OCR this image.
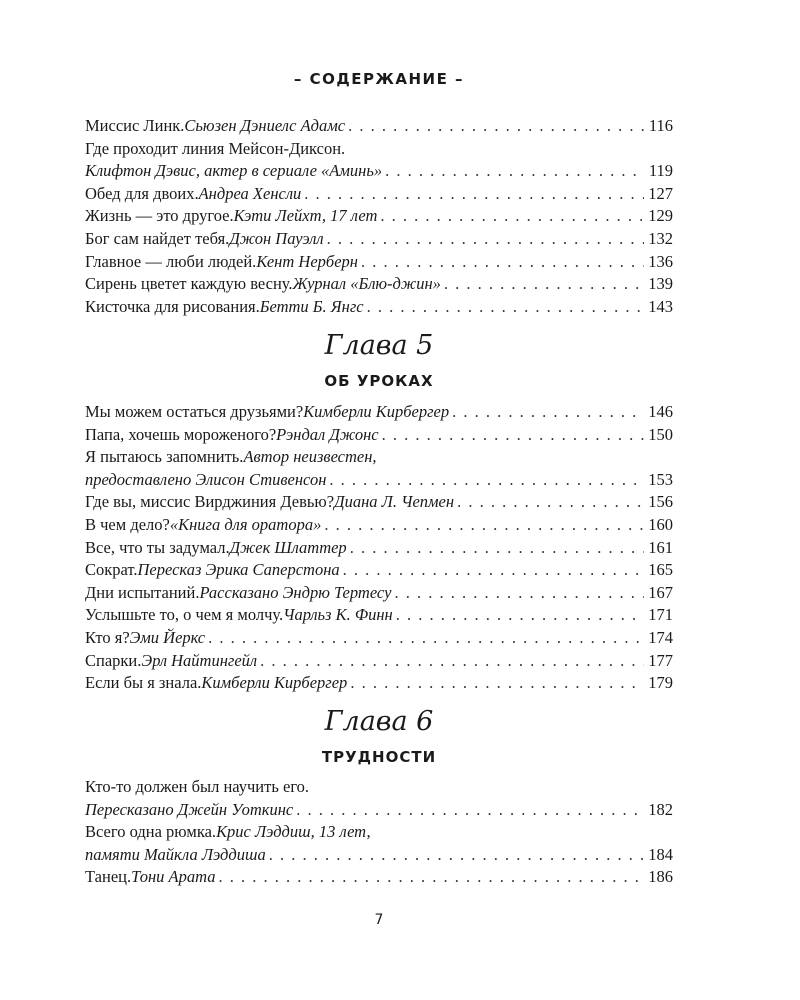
– СОДЕРЖАНИЕ –
Миссис Линк. Сьюзен Дэниелс Адамс . . .	116
Где проходит линия Мейсон-Диксон.
Клифтон Дэвис, актер в сериале «Аминь» . . .	119
Обед для двоих. Андреа Хенсли . . .	127
Жизнь — это другое. Кэти Лейхт, 17 лет . . .	129
Бог сам найдет тебя. Джон Пауэлл . . .	132
Главное — люби людей. Кент Нерберн . . .	136
Сирень цветет каждую весну. Журнал «Блю-джин» . . .	139
Кисточка для рисования. Бетти Б. Янгс . . .	143
Глава 5
ОБ УРОКАХ
Мы можем остаться друзьями? Кимберли Кирбергер . . .	146
Папа, хочешь мороженого? Рэндал Джонс . . .	150
Я пытаюсь запомнить. Автор неизвестен,
предоставлено Элисон Стивенсон . . .	153
Где вы, миссис Вирджиния Девью? Диана Л. Чепмен . . .	156
В чем дело? «Книга для оратора» . . .	160
Все, что ты задумал. Джек Шлаттер . . .	161
Сократ. Пересказ Эрика Саперстона . . .	165
Дни испытаний. Рассказано Эндрю Тертесу . . .	167
Услышьте то, о чем я молчу. Чарльз К. Финн . . .	171
Кто я? Эми Йеркс . . .	174
Спарки. Эрл Найтингейл . . .	177
Если бы я знала. Кимберли Кирбергер . . .	179
Глава 6
ТРУДНОСТИ
Кто-то должен был научить его.
Пересказано Джейн Уоткинс . . .	182
Всего одна рюмка. Крис Лэддиш, 13 лет,
памяти Майкла Лэддиша . . .	184
Танец. Тони Арата . . .	186
7
